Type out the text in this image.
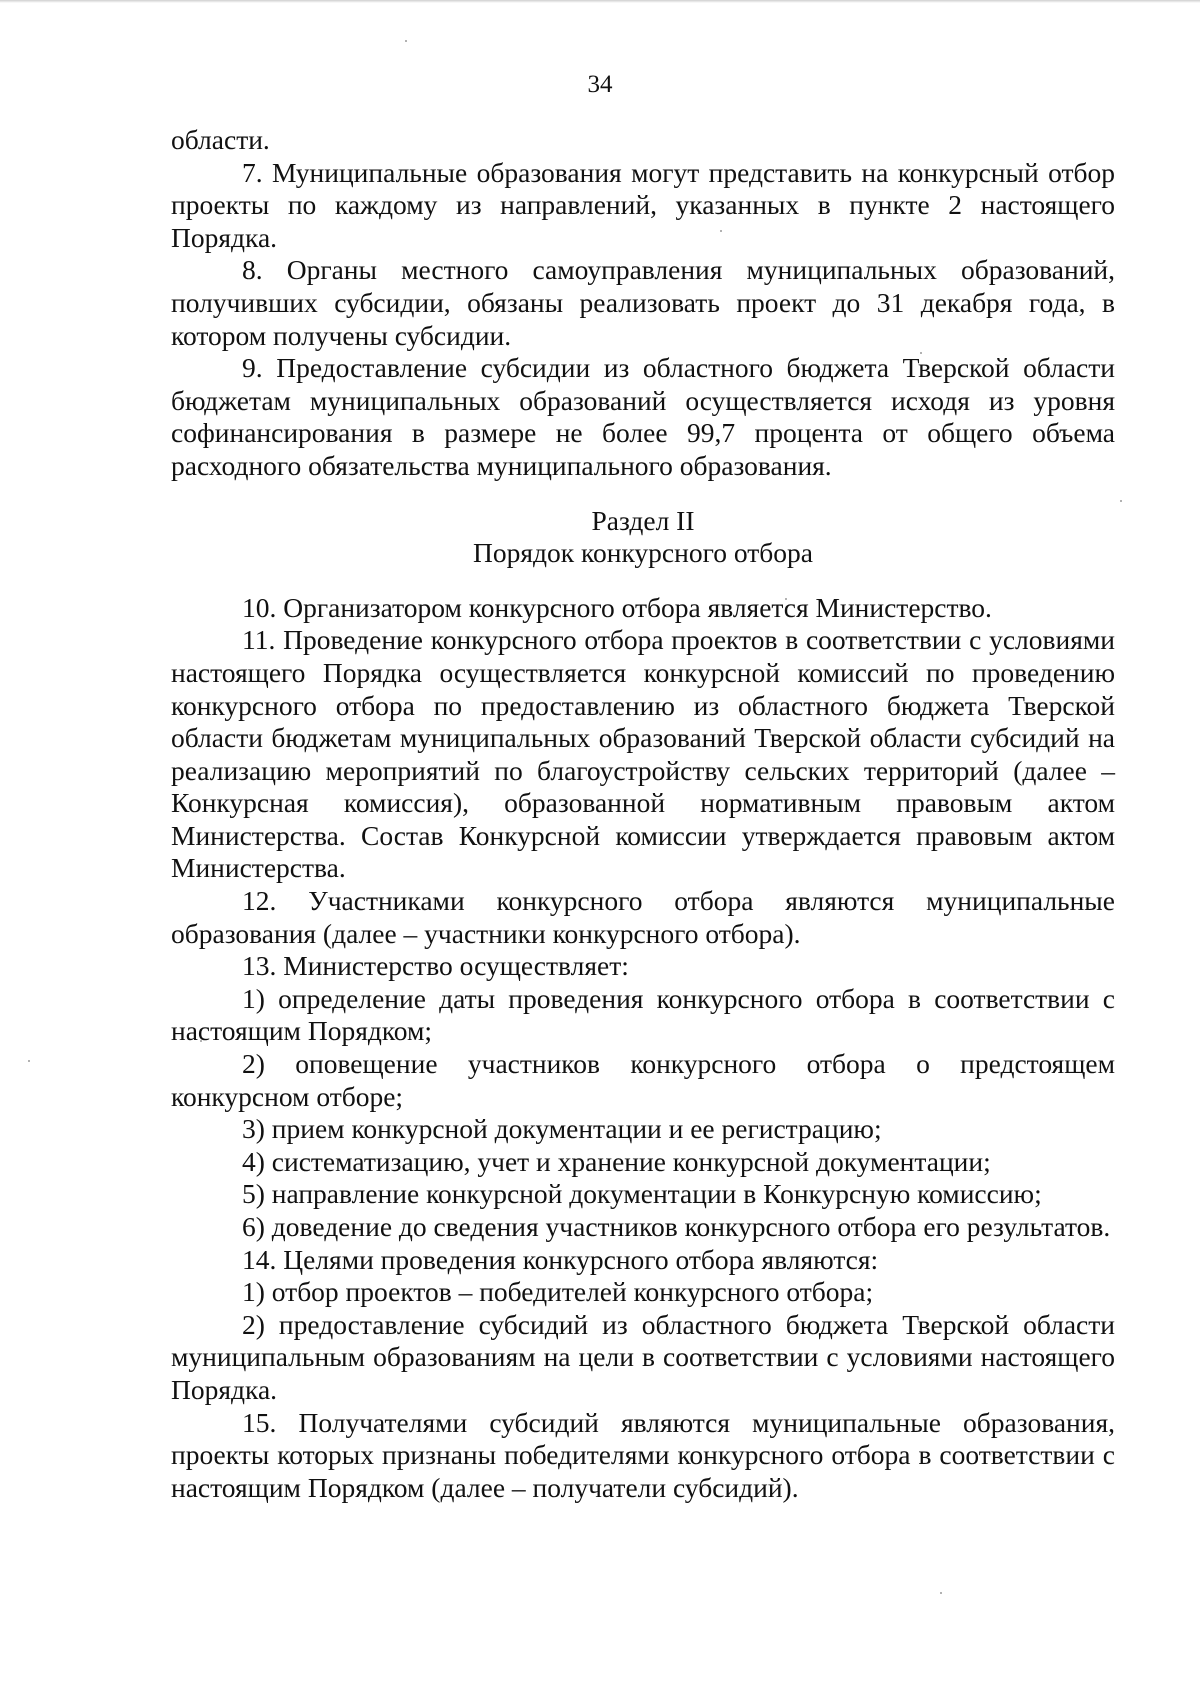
34

области.

7. Муниципальные образования могут представить на конкурсный отбор проекты по каждому из направлений, указанных в пункте 2 настоящего Порядка.

8. Органы местного самоуправления муниципальных образований, получивших субсидии, обязаны реализовать проект до 31 декабря года, в котором получены субсидии.

9. Предоставление субсидии из областного бюджета Тверской области бюджетам муниципальных образований осуществляется исходя из уровня софинансирования в размере не более 99,7 процента от общего объема расходного обязательства муниципального образования.

Раздел II

Порядок конкурсного отбора

10. Организатором конкурсного отбора является Министерство.

11. Проведение конкурсного отбора проектов в соответствии с условиями настоящего Порядка осуществляется конкурсной комиссий по проведению конкурсного отбора по предоставлению из областного бюджета Тверской области бюджетам муниципальных образований Тверской области субсидий на реализацию мероприятий по благоустройству сельских территорий (далее – Конкурсная комиссия), образованной нормативным правовым актом Министерства. Состав Конкурсной комиссии утверждается правовым актом Министерства.

12. Участниками конкурсного отбора являются муниципальные образования (далее – участники конкурсного отбора).

13. Министерство осуществляет:

1) определение даты проведения конкурсного отбора в соответствии с настоящим Порядком;

2) оповещение участников конкурсного отбора о предстоящем конкурсном отборе;

3) прием конкурсной документации и ее регистрацию;

4) систематизацию, учет и хранение конкурсной документации;

5) направление конкурсной документации в Конкурсную комиссию;

6) доведение до сведения участников конкурсного отбора его результатов.

14. Целями проведения конкурсного отбора являются:

1) отбор проектов – победителей конкурсного отбора;

2) предоставление субсидий из областного бюджета Тверской области муниципальным образованиям на цели в соответствии с условиями настоящего Порядка.

15. Получателями субсидий являются муниципальные образования, проекты которых признаны победителями конкурсного отбора в соответствии с настоящим Порядком (далее – получатели субсидий).
